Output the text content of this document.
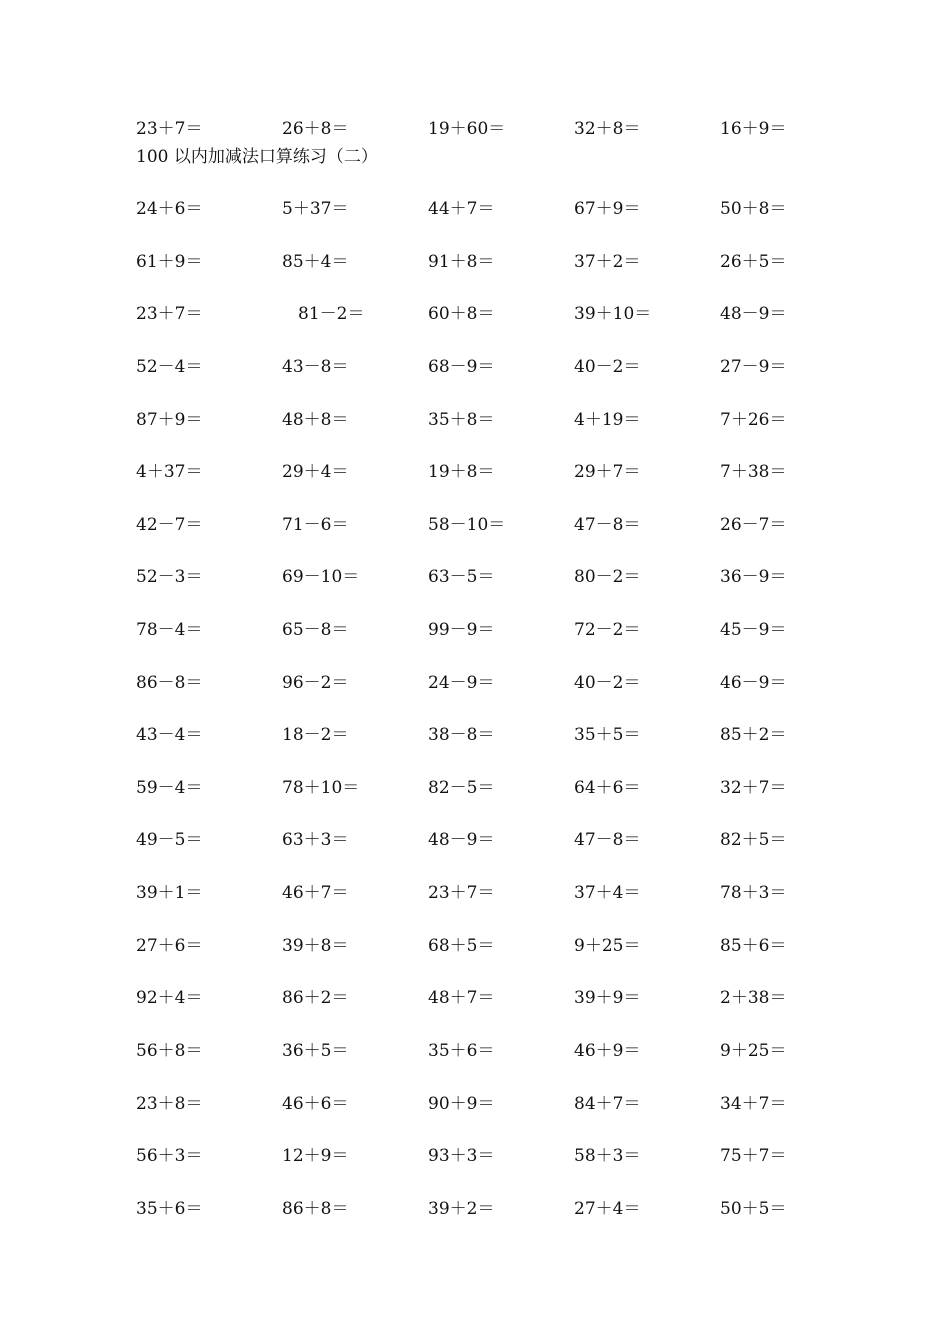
23＋7＝	26＋8＝	19＋60＝	32＋8＝	16＋9＝
100 以内加减法口算练习（二）
24＋6＝	5＋37＝	44＋7＝	67＋9＝	50＋8＝
61＋9＝	85＋4＝	91＋8＝	37＋2＝	26＋5＝
23＋7＝	81－2＝	60＋8＝	39＋10＝	48－9＝
52－4＝	43－8＝	68－9＝	40－2＝	27－9＝
87＋9＝	48＋8＝	35＋8＝	4＋19＝	7＋26＝
4＋37＝	29＋4＝	19＋8＝	29＋7＝	7＋38＝
42－7＝	71－6＝	58－10＝	47－8＝	26－7＝
52－3＝	69－10＝	63－5＝	80－2＝	36－9＝
78－4＝	65－8＝	99－9＝	72－2＝	45－9＝
86－8＝	96－2＝	24－9＝	40－2＝	46－9＝
43－4＝	18－2＝	38－8＝	35＋5＝	85＋2＝
59－4＝	78＋10＝	82－5＝	64＋6＝	32＋7＝
49－5＝	63＋3＝	48－9＝	47－8＝	82＋5＝
39＋1＝	46＋7＝	23＋7＝	37＋4＝	78＋3＝
27＋6＝	39＋8＝	68＋5＝	9＋25＝	85＋6＝
92＋4＝	86＋2＝	48＋7＝	39＋9＝	2＋38＝
56＋8＝	36＋5＝	35＋6＝	46＋9＝	9＋25＝
23＋8＝	46＋6＝	90＋9＝	84＋7＝	34＋7＝
56＋3＝	12＋9＝	93＋3＝	58＋3＝	75＋7＝
35＋6＝	86＋8＝	39＋2＝	27＋4＝	50＋5＝
